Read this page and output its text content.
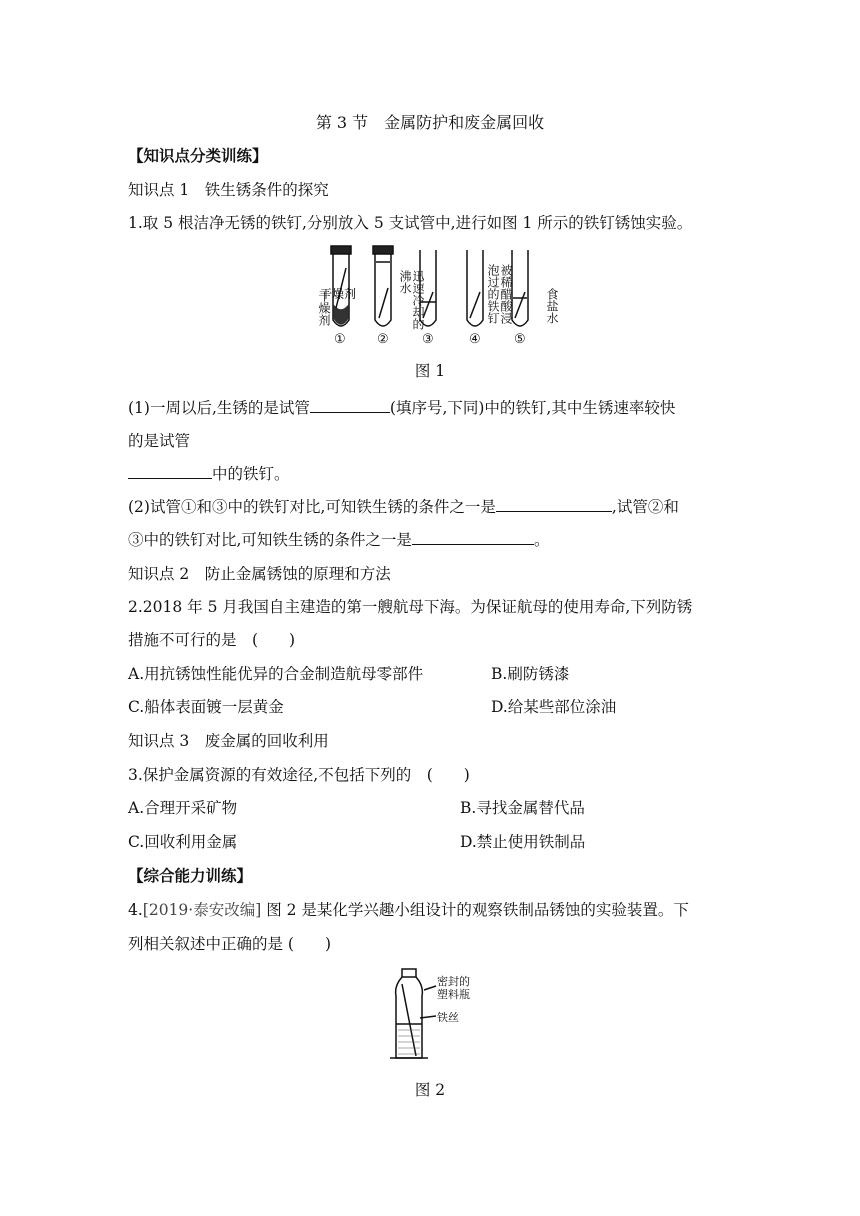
第 3 节　金属防护和废金属回收
【知识点分类训练】
知识点 1　铁生锈条件的探究
1.取 5 根洁净无锈的铁钉,分别放入 5 支试管中,进行如图 1 所示的铁钉锈蚀实验。
干燥剂
干燥剂	迅速冷却的沸水	被稀醋酸浸泡过的铁钉	食盐水
① ②	③	④	⑤
图 1
(1)一周以后,生锈的是试管	(填序号,下同)中的铁钉,其中生锈速率较快
的是试管
中的铁钉。
(2)试管①和③中的铁钉对比,可知铁生锈的条件之一是	,试管②和
③中的铁钉对比,可知铁生锈的条件之一是	。
知识点 2　防止金属锈蚀的原理和方法
2.2018 年 5 月我国自主建造的第一艘航母下海。为保证航母的使用寿命,下列防锈
措施不可行的是　(　　)
A.用抗锈蚀性能优异的合金制造航母零部件	B.刷防锈漆
C.船体表面镀一层黄金	D.给某些部位涂油
知识点 3　废金属的回收利用
3.保护金属资源的有效途径,不包括下列的　(　　)
A.合理开采矿物	B.寻找金属替代品
C.回收利用金属	D.禁止使用铁制品
【综合能力训练】
4.[2019·泰安改编] 图 2 是某化学兴趣小组设计的观察铁制品锈蚀的实验装置。下
列相关叙述中正确的是 (　　)
密封的塑料瓶
铁丝
图 2
